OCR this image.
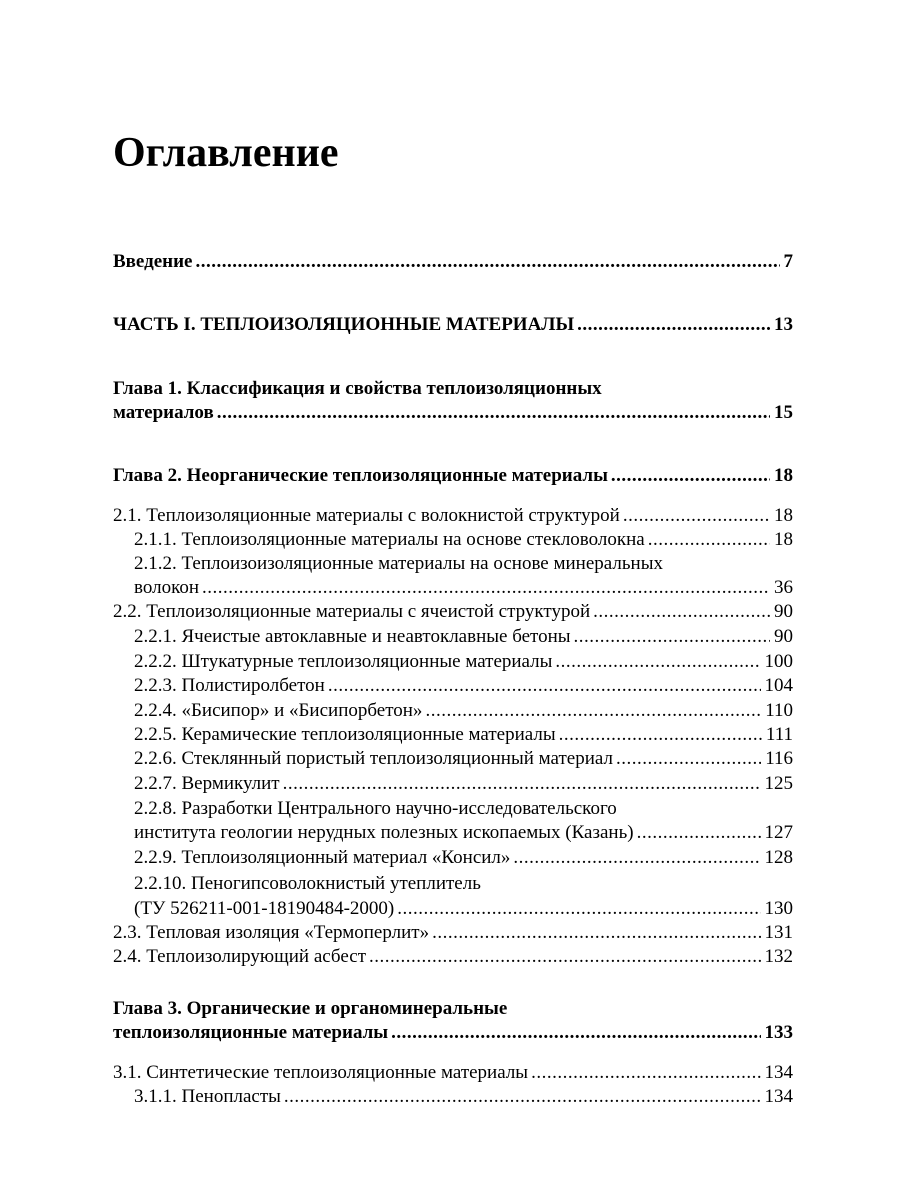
Оглавление
Введение .....	7
ЧАСТЬ I. ТЕПЛОИЗОЛЯЦИОННЫЕ МАТЕРИАЛЫ .....	13
Глава 1. Классификация и свойства теплоизоляционных
материалов .....	15
Глава 2. Неорганические теплоизоляционные материалы .....	18
2.1. Теплоизоляционные материалы с волокнистой структурой .....	18
2.1.1. Теплоизоляционные материалы на основе стекловолокна .....	18
2.1.2. Теплоизоизоляционные материалы на основе минеральных
волокон .....	36
2.2. Теплоизоляционные материалы с ячеистой структурой .....	90
2.2.1. Ячеистые автоклавные и неавтоклавные бетоны .....	90
2.2.2. Штукатурные теплоизоляционные материалы .....	100
2.2.3. Полистиролбетон .....	104
2.2.4. «Бисипор» и «Бисипорбетон» .....	110
2.2.5. Керамические теплоизоляционные материалы .....	111
2.2.6. Стеклянный пористый теплоизоляционный материал .....	116
2.2.7. Вермикулит .....	125
2.2.8. Разработки Центрального научно-исследовательского
института геологии нерудных полезных ископаемых (Казань) .....	127
2.2.9. Теплоизоляционный материал «Консил» .....	128
2.2.10. Пеногипсоволокнистый утеплитель
(ТУ 526211-001-18190484-2000) .....	130
2.3. Тепловая изоляция «Термоперлит» .....	131
2.4. Теплоизолирующий асбест .....	132
Глава 3. Органические и органоминеральные
теплоизоляционные материалы .....	133
3.1. Синтетические теплоизоляционные материалы .....	134
3.1.1. Пенопласты .....	134
